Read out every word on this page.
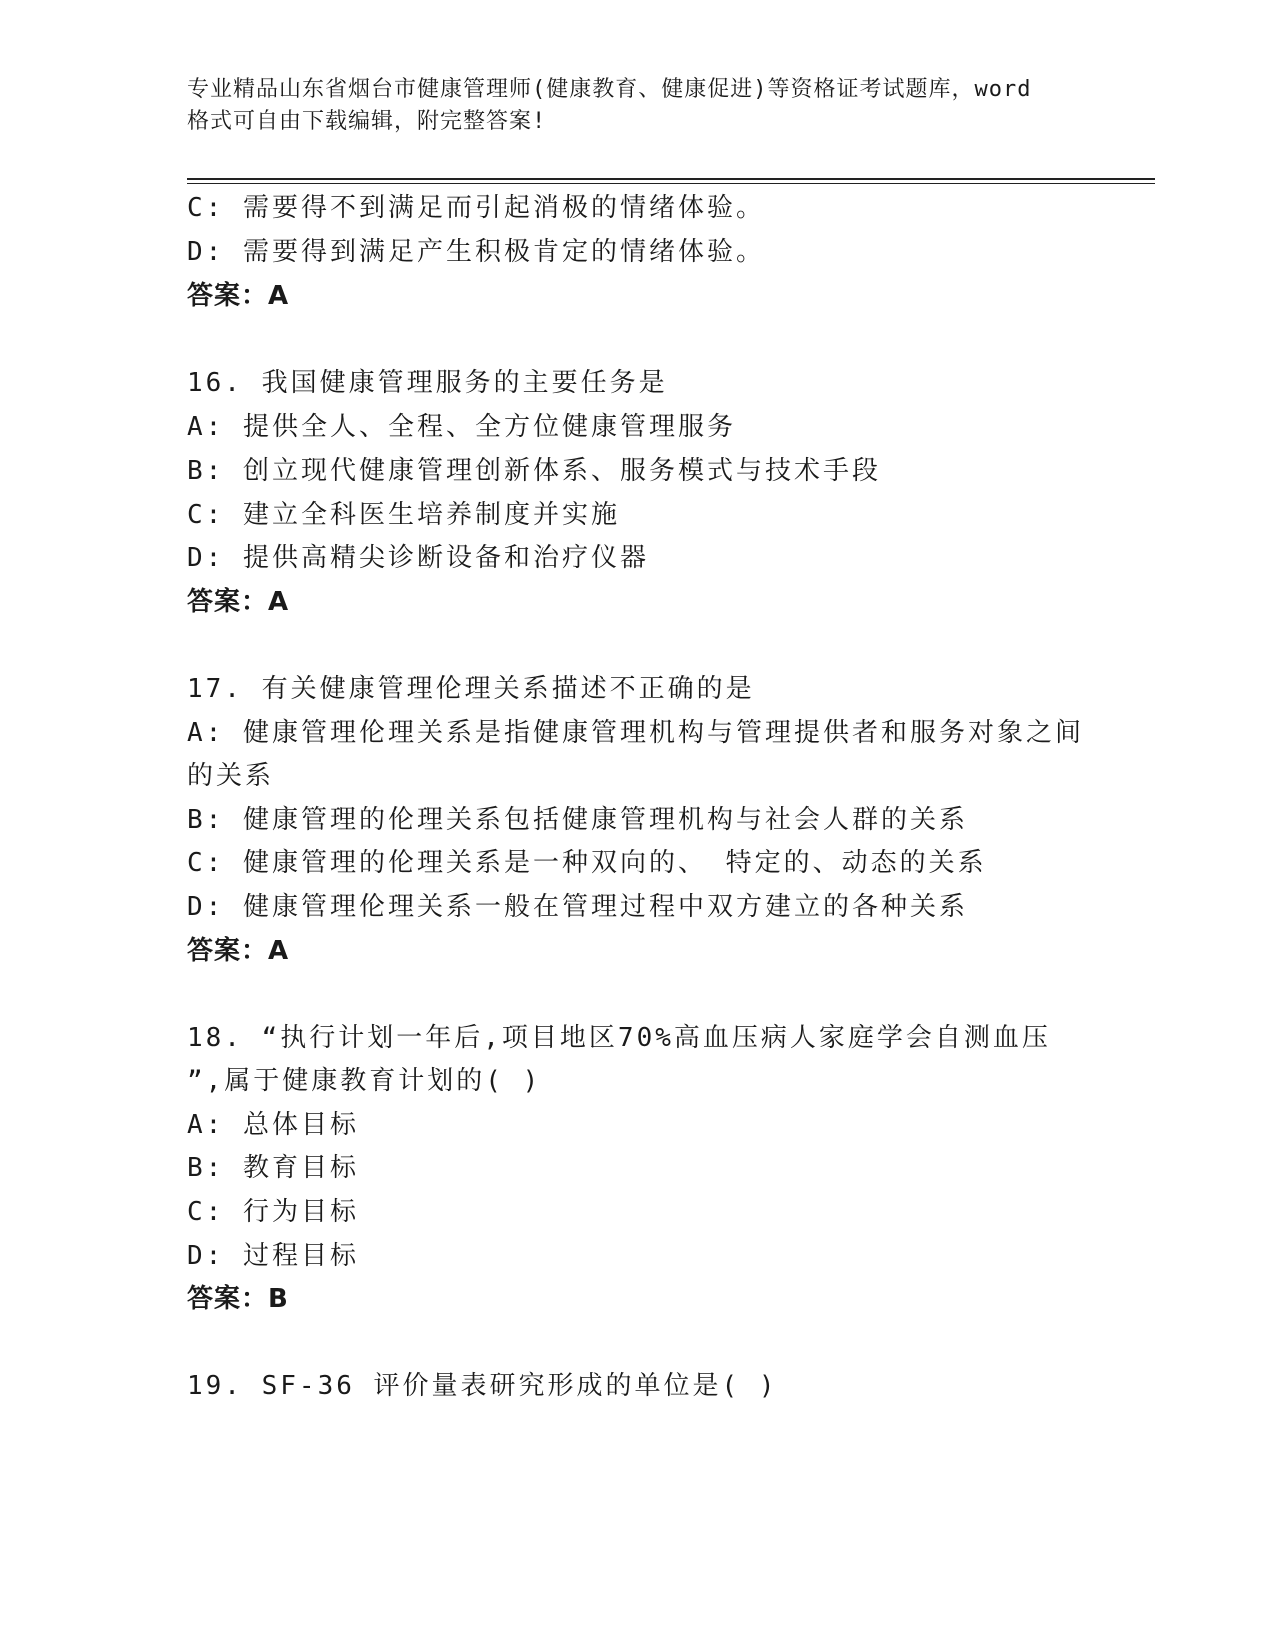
专业精品山东省烟台市健康管理师(健康教育、健康促进)等资格证考试题库，word
格式可自由下载编辑，附完整答案!
C: 需要得不到满足而引起消极的情绪体验。
D: 需要得到满足产生积极肯定的情绪体验。
答案：A
16. 我国健康管理服务的主要任务是
A: 提供全人、全程、全方位健康管理服务
B: 创立现代健康管理创新体系、服务模式与技术手段
C: 建立全科医生培养制度并实施
D: 提供高精尖诊断设备和治疗仪器
答案：A
17. 有关健康管理伦理关系描述不正确的是
A: 健康管理伦理关系是指健康管理机构与管理提供者和服务对象之间
的关系
B: 健康管理的伦理关系包括健康管理机构与社会人群的关系
C: 健康管理的伦理关系是一种双向的、 特定的、动态的关系
D: 健康管理伦理关系一般在管理过程中双方建立的各种关系
答案：A
18. “执行计划一年后,项目地区70%高血压病人家庭学会自测血压
”,属于健康教育计划的( )
A: 总体目标
B: 教育目标
C: 行为目标
D: 过程目标
答案：B
19. SF-36 评价量表研究形成的单位是( )
